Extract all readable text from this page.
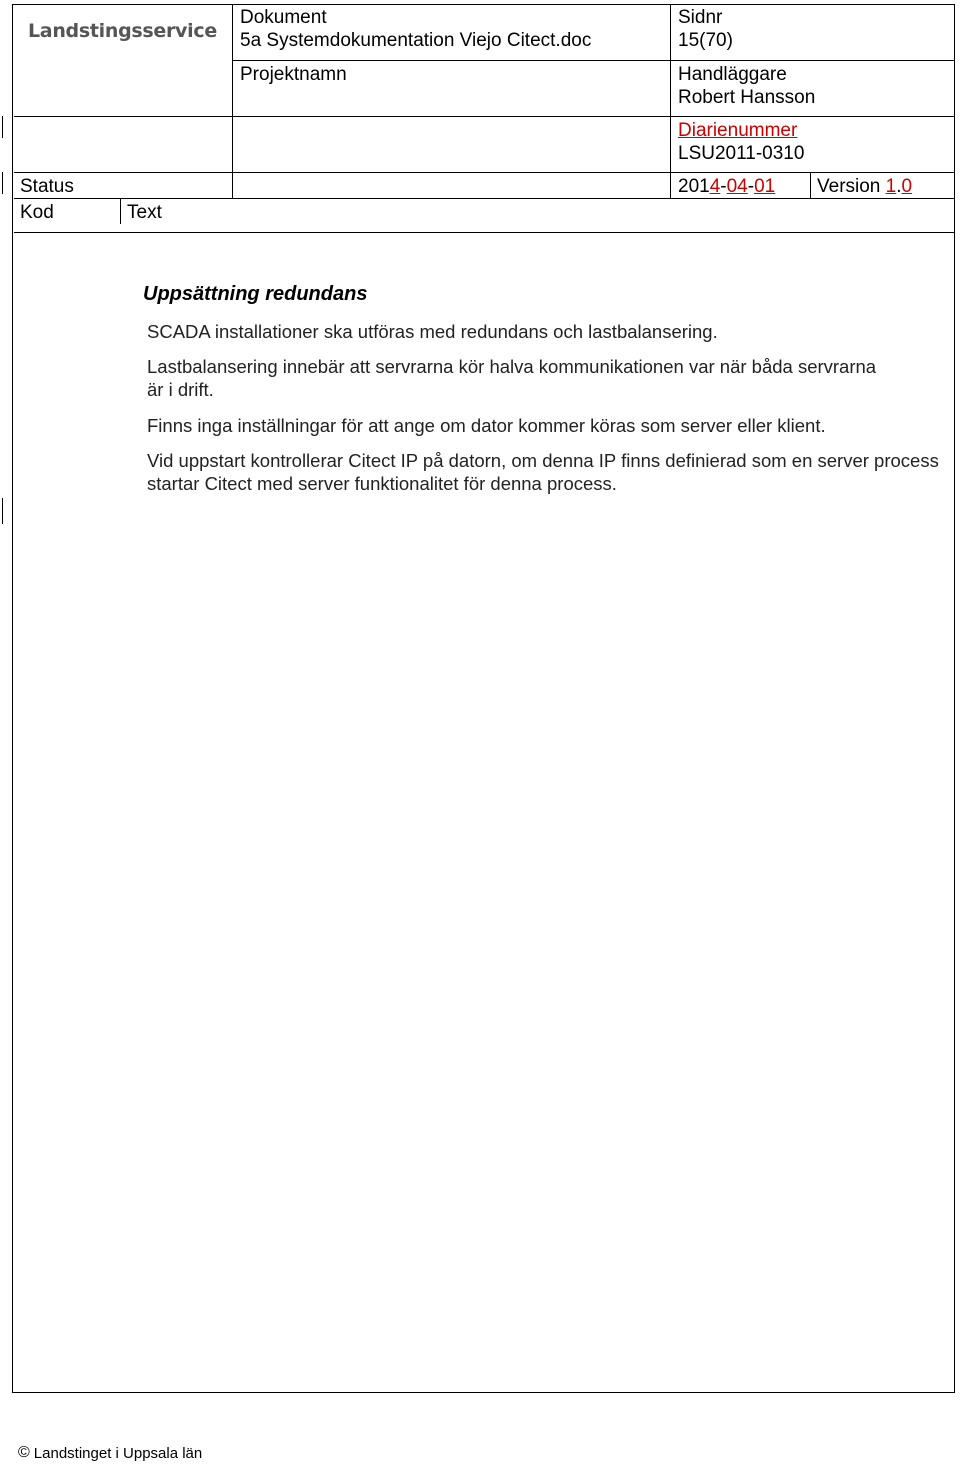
Landstingsservice
Dokument
5a Systemdokumentation Viejo Citect.doc
Projektnamn
Sidnr
15(70)
Handläggare
Robert Hansson
Diarienummer
LSU2011-0310
Status	2014-04-01 Version 1.0
Kod	Text
Uppsättning redundans

SCADA installationer ska utföras med redundans och lastbalansering.

Lastbalansering innebär att servrarna kör halva kommunikationen var när båda servrarna är i drift.

Finns inga inställningar för att ange om dator kommer köras som server eller klient.

Vid uppstart kontrollerar Citect IP på datorn, om denna IP finns definierad som en server process startar Citect med server funktionalitet för denna process.

© Landstinget i Uppsala län
